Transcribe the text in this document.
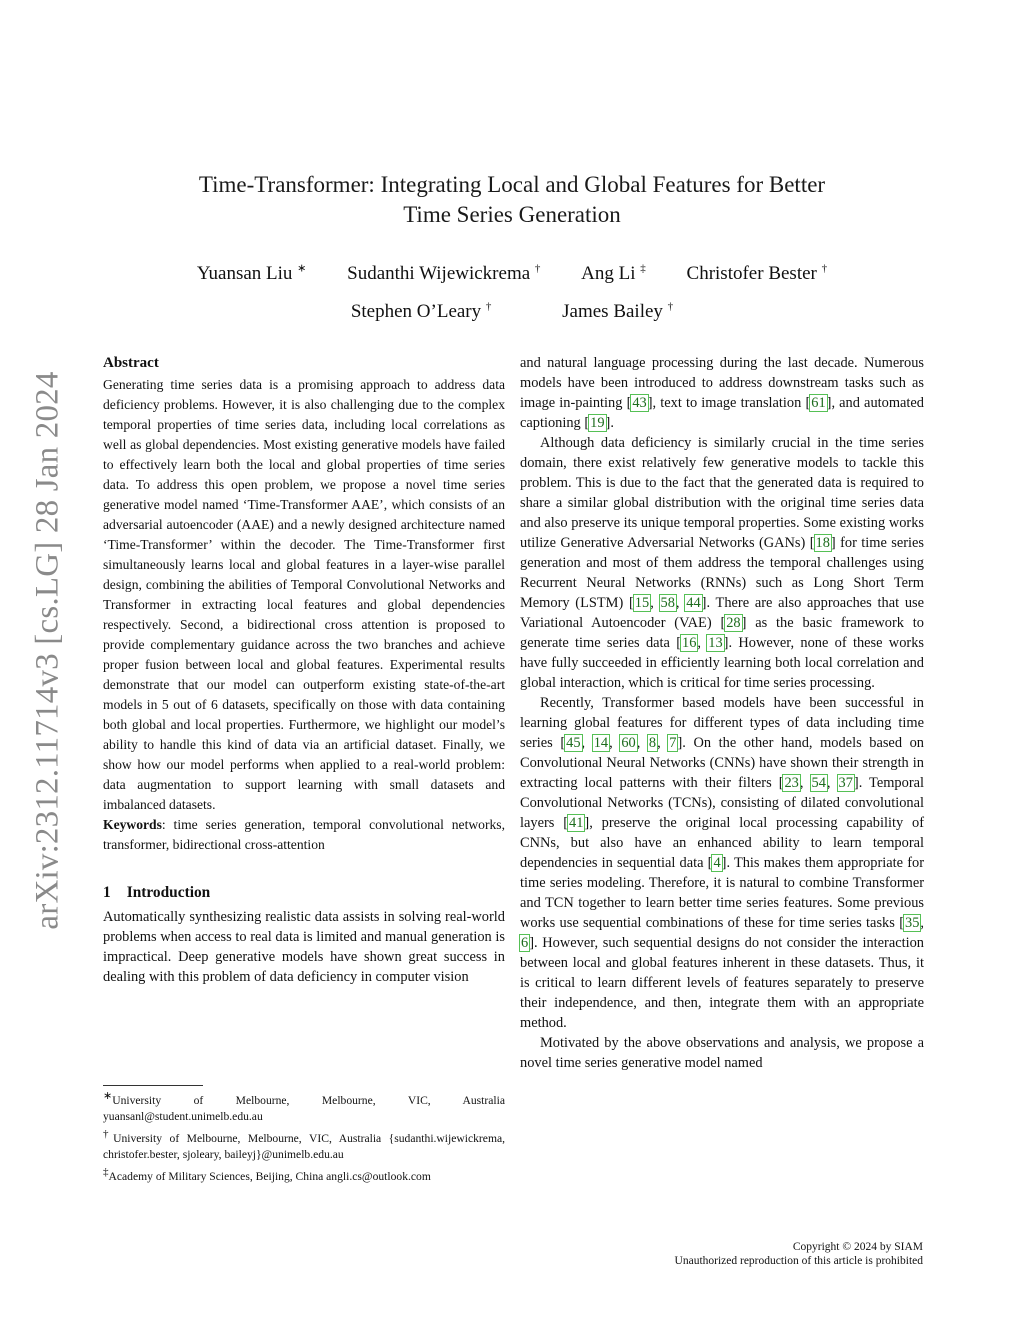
arXiv:2312.11714v3 [cs.LG] 28 Jan 2024
Time-Transformer: Integrating Local and Global Features for Better
Time Series Generation
Yuansan Liu ∗ Sudanthi Wijewickrema † Ang Li ‡ Christofer Bester †
Stephen O’Leary †	James Bailey †
Abstract

Generating time series data is a promising approach to address data deficiency problems. However, it is also challenging due to the complex temporal properties of time series data, including local correlations as well as global dependencies. Most existing generative models have failed to effectively learn both the local and global properties of time series data. To address this open problem, we propose a novel time series generative model named ‘Time-Transformer AAE’, which consists of an adversarial autoencoder (AAE) and a newly designed architecture named ‘Time-Transformer’ within the decoder. The Time-Transformer first simultaneously learns local and global features in a layer-wise parallel design, combining the abilities of Temporal Convolutional Networks and Transformer in extracting local features and global dependencies respectively. Second, a bidirectional cross attention is proposed to provide complementary guidance across the two branches and achieve proper fusion between local and global features. Experimental results demonstrate that our model can outperform existing state-of-the-art models in 5 out of 6 datasets, specifically on those with data containing both global and local properties. Furthermore, we highlight our model’s ability to handle this kind of data via an artificial dataset. Finally, we show how our model performs when applied to a real-world problem: data augmentation to support learning with small datasets and imbalanced datasets.

Keywords: time series generation, temporal convolutional networks, transformer, bidirectional cross-attention

1 Introduction

Automatically synthesizing realistic data assists in solving real-world problems when access to real data is limited and manual generation is impractical. Deep generative models have shown great success in dealing with this problem of data deficiency in computer vision

and natural language processing during the last decade. Numerous models have been introduced to address downstream tasks such as image in-painting [43], text to image translation [61], and automated captioning [19].

Although data deficiency is similarly crucial in the time series domain, there exist relatively few generative models to tackle this problem. This is due to the fact that the generated data is required to share a similar global distribution with the original time series data and also preserve its unique temporal properties. Some existing works utilize Generative Adversarial Networks (GANs) [18] for time series generation and most of them address the temporal challenges using Recurrent Neural Networks (RNNs) such as Long Short Term Memory (LSTM) [15, 58, 44]. There are also approaches that use Variational Autoencoder (VAE) [28] as the basic framework to generate time series data [16, 13]. However, none of these works have fully succeeded in efficiently learning both local correlation and global interaction, which is critical for time series processing.

Recently, Transformer based models have been successful in learning global features for different types of data including time series [45, 14, 60, 8, 7]. On the other hand, models based on Convolutional Neural Networks (CNNs) have shown their strength in extracting local patterns with their filters [23, 54, 37]. Temporal Convolutional Networks (TCNs), consisting of dilated convolutional layers [41], preserve the original local processing capability of CNNs, but also have an enhanced ability to learn temporal dependencies in sequential data [4]. This makes them appropriate for time series modeling. Therefore, it is natural to combine Transformer and TCN together to learn better time series features. Some previous works use sequential combinations of these for time series tasks [35, 6]. However, such sequential designs do not consider the interaction between local and global features inherent in these datasets. Thus, it is critical to learn different levels of features separately to preserve their independence, and then, integrate them with an appropriate method.

Motivated by the above observations and analysis, we propose a novel time series generative model named

∗University of Melbourne, Melbourne, VIC, Australia yuansanl@student.unimelb.edu.au

†University of Melbourne, Melbourne, VIC, Australia {sudanthi.wijewickrema, christofer.bester, sjoleary, baileyj}@unimelb.edu.au

‡Academy of Military Sciences, Beijing, China angli.cs@outlook.com

Copyright © 2024 by SIAM
Unauthorized reproduction of this article is prohibited
